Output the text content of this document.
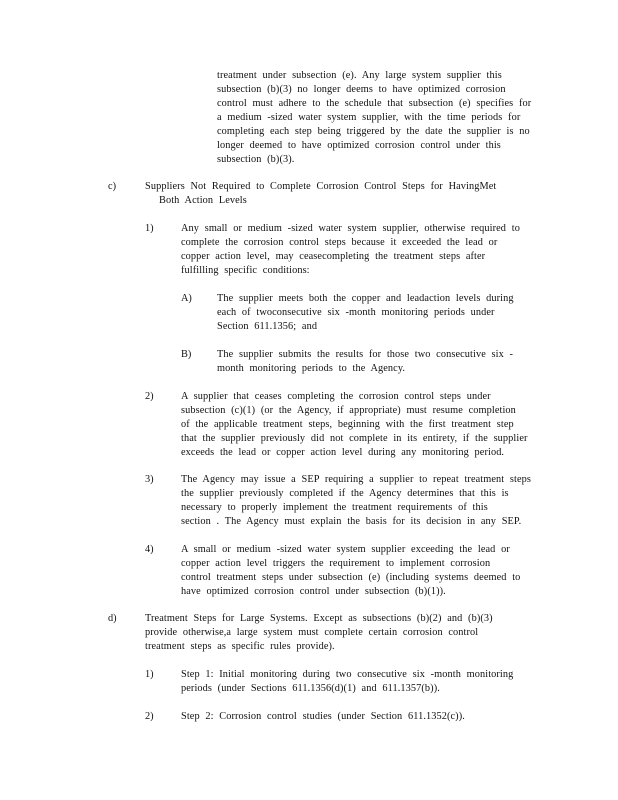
treatment under subsection (e). Any large system supplier this
subsection (b)(3) no longer deems to have optimized corrosion
control must adhere to the schedule that subsection (e) specifies for
a medium -sized water system supplier, with the time periods for
completing each step being triggered by the date the supplier is no
longer deemed to have optimized corrosion control under this
subsection (b)(3).
c)	Suppliers Not Required to Complete Corrosion Control Steps for HavingMet
Both Action Levels
1)	Any small or medium -sized water system supplier, otherwise required to
complete the corrosion control steps because it exceeded the lead or
copper action level, may ceasecompleting the treatment steps after
fulfilling specific conditions:
A) The supplier meets both the copper and leadaction levels during
each of twoconsecutive six -month monitoring periods under
Section 611.1356; and
B) The supplier submits the results for those two consecutive six -
month monitoring periods to the Agency.
2)	A supplier that ceases completing the corrosion control steps under
subsection (c)(1) (or the Agency, if appropriate) must resume completion
of the applicable treatment steps, beginning with the first treatment step
that the supplier previously did not complete in its entirety, if the supplier
exceeds the lead or copper action level during any monitoring period.
3)	The Agency may issue a SEP requiring a supplier to repeat treatment steps
the supplier previously completed if the Agency determines that this is
necessary to properly implement the treatment requirements of this
section . The Agency must explain the basis for its decision in any SEP.
4)	A small or medium -sized water system supplier exceeding the lead or
copper action level triggers the requirement to implement corrosion
control treatment steps under subsection (e) (including systems deemed to
have optimized corrosion control under subsection (b)(1)).
d)	Treatment Steps for Large Systems. Except as subsections (b)(2) and (b)(3)
provide otherwise,a large system must complete certain corrosion control
treatment steps as specific rules provide).
1)	Step 1: Initial monitoring during two consecutive six -month monitoring
periods (under Sections 611.1356(d)(1) and 611.1357(b)).
2)	Step 2: Corrosion control studies (under Section 611.1352(c)).
